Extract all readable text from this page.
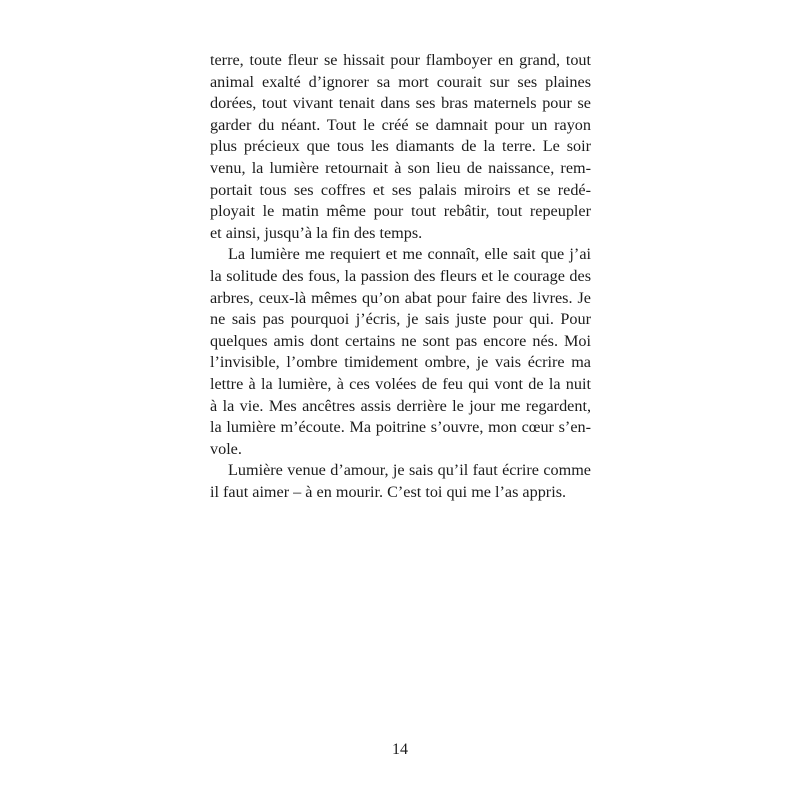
terre, toute fleur se hissait pour flamboyer en grand, tout
animal exalté d’ignorer sa mort courait sur ses plaines
dorées, tout vivant tenait dans ses bras maternels pour se
garder du néant. Tout le créé se damnait pour un rayon
plus précieux que tous les diamants de la terre. Le soir
venu, la lumière retournait à son lieu de naissance, rem-
portait tous ses coffres et ses palais miroirs et se redé-
ployait le matin même pour tout rebâtir, tout repeupler
et ainsi, jusqu’à la fin des temps.
La lumière me requiert et me connaît, elle sait que j’ai
la solitude des fous, la passion des fleurs et le courage des
arbres, ceux-là mêmes qu’on abat pour faire des livres. Je
ne sais pas pourquoi j’écris, je sais juste pour qui. Pour
quelques amis dont certains ne sont pas encore nés. Moi
l’invisible, l’ombre timidement ombre, je vais écrire ma
lettre à la lumière, à ces volées de feu qui vont de la nuit
à la vie. Mes ancêtres assis derrière le jour me regardent,
la lumière m’écoute. Ma poitrine s’ouvre, mon cœur s’en-
vole.
Lumière venue d’amour, je sais qu’il faut écrire comme
il faut aimer – à en mourir. C’est toi qui me l’as appris.
14
